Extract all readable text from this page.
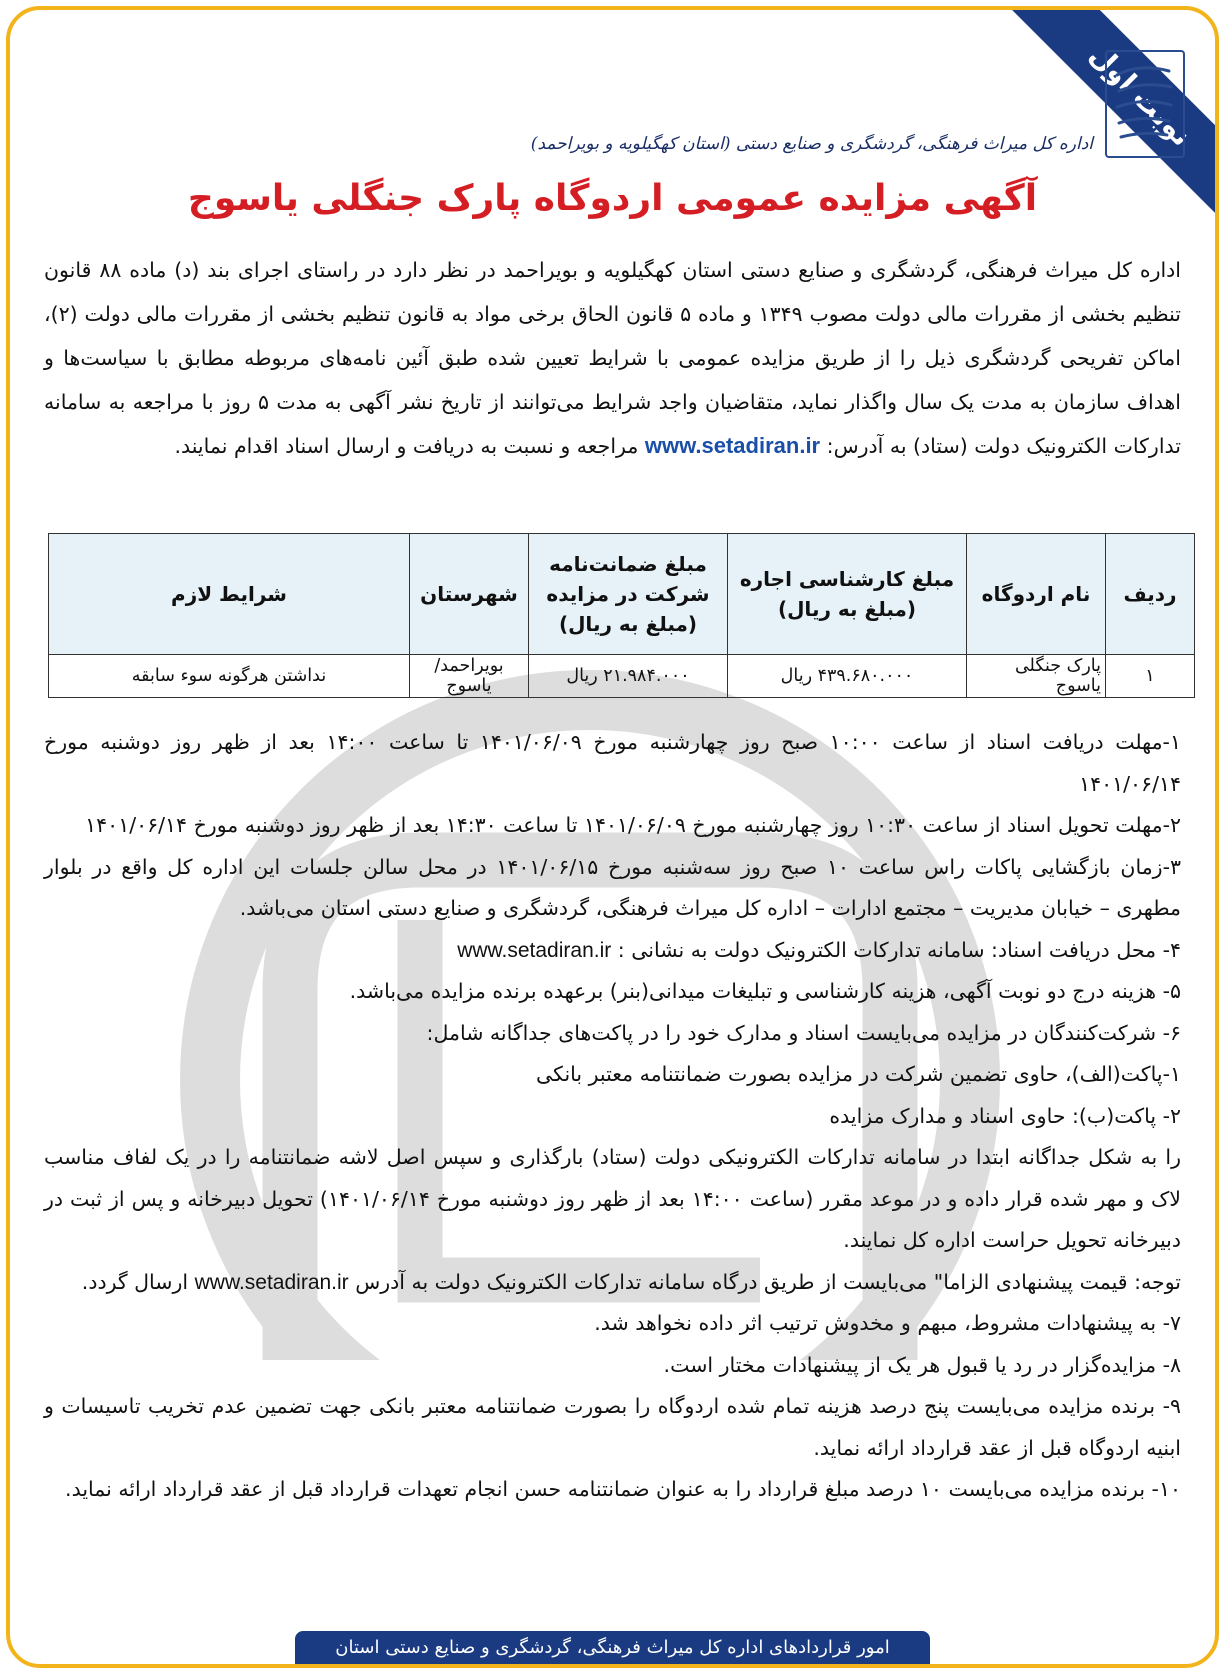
نوبت اول
اداره کل میراث فرهنگی، گردشگری و صنایع دستی (استان کهگیلویه و بویراحمد)
آگهی مزایده عمومی اردوگاه پارک جنگلی یاسوج

اداره کل میراث فرهنگی، گردشگری و صنایع دستی استان کهگیلویه و بویراحمد در نظر دارد در راستای اجرای بند (د) ماده ۸۸ قانون تنظیم بخشی از مقررات مالی دولت مصوب ۱۳۴۹ و ماده ۵ قانون الحاق برخی مواد به قانون تنظیم بخشی از مقررات مالی دولت (۲)، اماکن تفریحی گردشگری ذیل را از طریق مزایده عمومی با شرایط تعیین شده طبق آئین نامه‌های مربوطه مطابق با سیاست‌ها و اهداف سازمان به مدت یک سال واگذار نماید، متقاضیان واجد شرایط می‌توانند از تاریخ نشر آگهی به مدت ۵ روز با مراجعه به سامانه تدارکات الکترونیک دولت (ستاد) به آدرس: www.setadiran.ir مراجعه و نسبت به دریافت و ارسال اسناد اقدام نمایند.

ردیف	نام اردوگاه	مبلغ کارشناسی اجاره (مبلغ به ریال)	مبلغ ضمانت‌نامه شرکت در مزایده (مبلغ به ریال)	شهرستان	شرایط لازم
۱	پارک جنگلی یاسوج	۴۳۹.۶۸۰.۰۰۰ ریال	۲۱.۹۸۴.۰۰۰ ریال	بویراحمد/یاسوج	نداشتن هرگونه سوء سابقه

۱-مهلت دریافت اسناد از ساعت ۱۰:۰۰ صبح روز چهارشنبه مورخ ۱۴۰۱/۰۶/۰۹ تا ساعت ۱۴:۰۰ بعد از ظهر روز دوشنبه مورخ ۱۴۰۱/۰۶/۱۴

۲-مهلت تحویل اسناد از ساعت ۱۰:۳۰ روز چهارشنبه مورخ ۱۴۰۱/۰۶/۰۹ تا ساعت ۱۴:۳۰ بعد از ظهر روز دوشنبه مورخ ۱۴۰۱/۰۶/۱۴

۳-زمان بازگشایی پاکات راس ساعت ۱۰ صبح روز سه‌شنبه مورخ ۱۴۰۱/۰۶/۱۵ در محل سالن جلسات این اداره کل واقع در بلوار مطهری – خیابان مدیریت – مجتمع ادارات – اداره کل میراث فرهنگی، گردشگری و صنایع دستی استان می‌باشد.

۴- محل دریافت اسناد: سامانه تدارکات الکترونیک دولت به نشانی : www.setadiran.ir

۵- هزینه درج دو نوبت آگهی، هزینه کارشناسی و تبلیغات میدانی(بنر) برعهده برنده مزایده می‌باشد.

۶- شرکت‌کنندگان در مزایده می‌بایست اسناد و مدارک خود را در پاکت‌های جداگانه شامل:

۱-پاکت(الف)، حاوی تضمین شرکت در مزایده بصورت ضمانتنامه معتبر بانکی

۲- پاکت(ب): حاوی اسناد و مدارک مزایده

را به شکل جداگانه ابتدا در سامانه تدارکات الکترونیکی دولت (ستاد) بارگذاری و سپس اصل لاشه ضمانتنامه را در یک لفاف مناسب لاک و مهر شده قرار داده و در موعد مقرر (ساعت ۱۴:۰۰ بعد از ظهر روز دوشنبه مورخ ۱۴۰۱/۰۶/۱۴) تحویل دبیرخانه و پس از ثبت در دبیرخانه تحویل حراست اداره کل نمایند.

توجه: قیمت پیشنهادی الزاما" می‌بایست از طریق درگاه سامانه تدارکات الکترونیک دولت به آدرس www.setadiran.ir ارسال گردد.

۷- به پیشنهادات مشروط، مبهم و مخدوش ترتیب اثر داده نخواهد شد.

۸- مزایده‌گزار در رد یا قبول هر یک از پیشنهادات مختار است.

۹- برنده مزایده می‌بایست پنج درصد هزینه تمام شده اردوگاه را بصورت ضمانتنامه معتبر بانکی جهت تضمین عدم تخریب تاسیسات و ابنیه اردوگاه قبل از عقد قرارداد ارائه نماید.

۱۰- برنده مزایده می‌بایست ۱۰ درصد مبلغ قرارداد را به عنوان ضمانتنامه حسن انجام تعهدات قرارداد قبل از عقد قرارداد ارائه نماید.

امور قراردادهای اداره کل میراث فرهنگی، گردشگری و صنایع دستی استان
